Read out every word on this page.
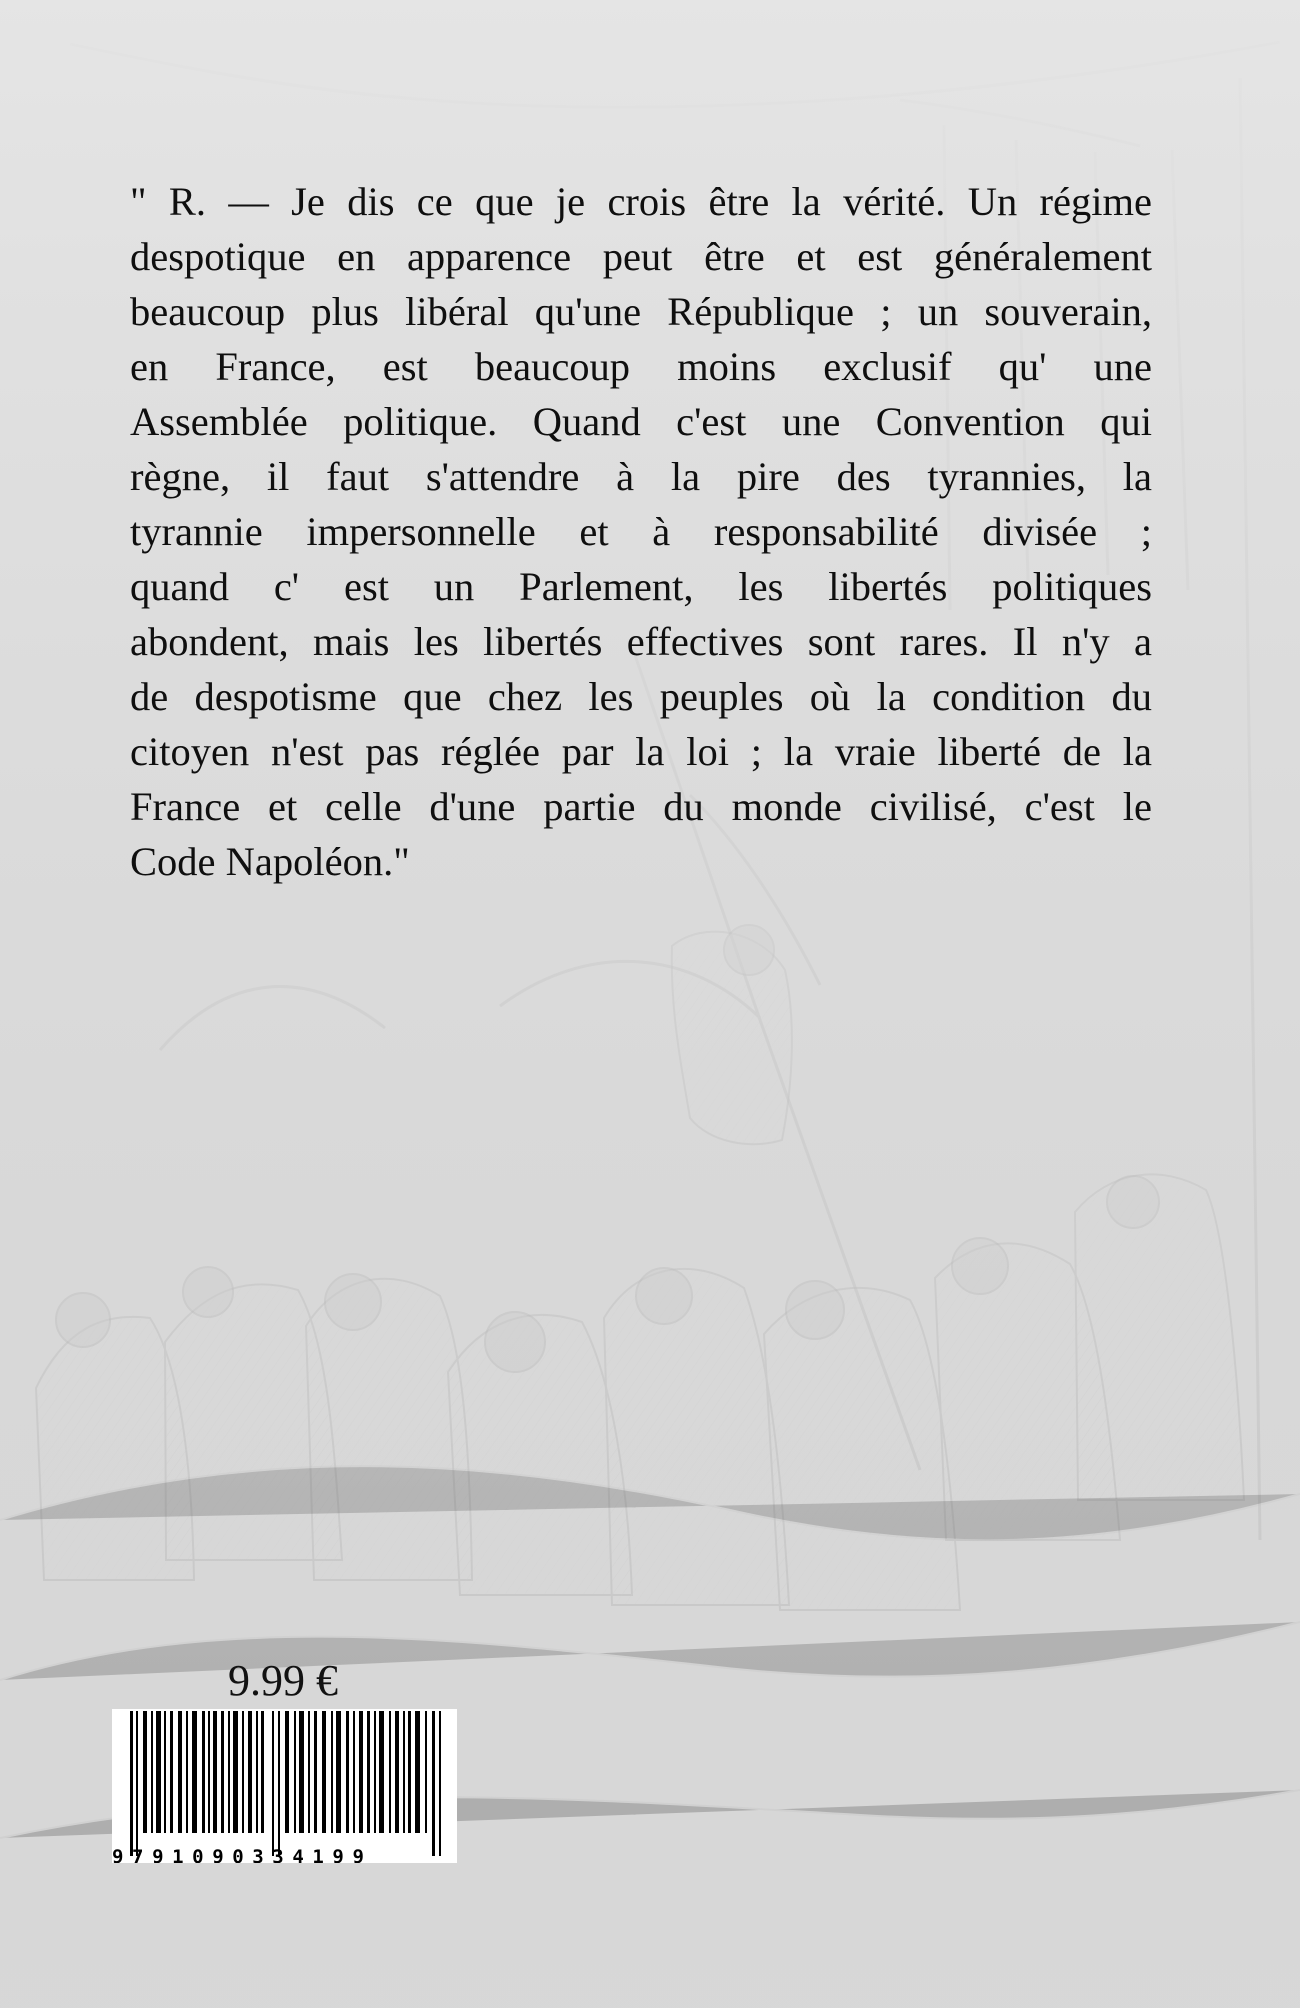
" R. — Je dis ce que je crois être la vérité. Un régime
despotique en apparence peut être et est généralement
beaucoup plus libéral qu'une République ; un souverain,
en France, est beaucoup moins exclusif qu' une
Assemblée politique. Quand c'est une Convention qui
règne, il faut s'attendre à la pire des tyrannies, la
tyrannie impersonnelle et à responsabilité divisée ;
quand c' est un Parlement, les libertés politiques
abondent, mais les libertés effectives sont rares. Il n'y a
de despotisme que chez les peuples où la condition du
citoyen n'est pas réglée par la loi ; la vraie liberté de la
France et celle d'une partie du monde civilisé, c'est le
Code Napoléon."
9.99 €
9791090334199
